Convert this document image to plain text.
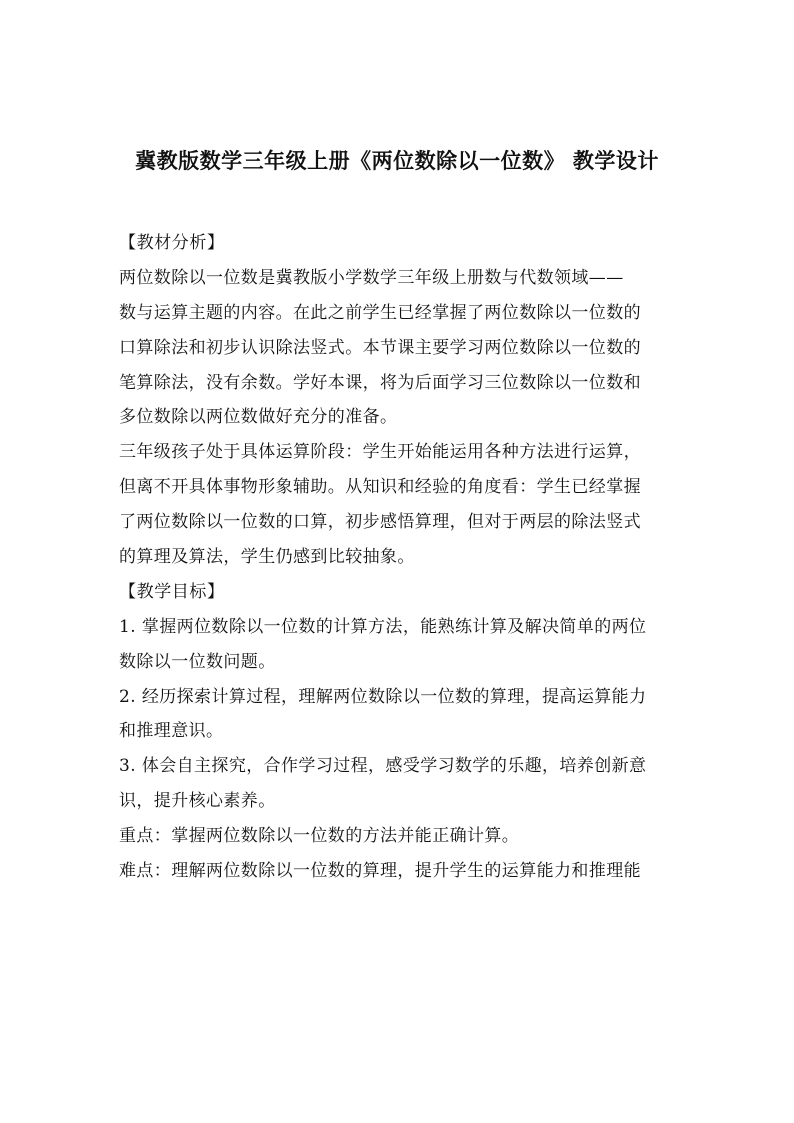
冀教版数学三年级上册《两位数除以一位数》 教学设计
【教材分析】
两位数除以一位数是冀教版小学数学三年级上册数与代数领域——
数与运算主题的内容。在此之前学生已经掌握了两位数除以一位数的
口算除法和初步认识除法竖式。本节课主要学习两位数除以一位数的
笔算除法，没有余数。学好本课，将为后面学习三位数除以一位数和
多位数除以两位数做好充分的准备。
三年级孩子处于具体运算阶段：学生开始能运用各种方法进行运算，
但离不开具体事物形象辅助。从知识和经验的角度看：学生已经掌握
了两位数除以一位数的口算，初步感悟算理，但对于两层的除法竖式
的算理及算法，学生仍感到比较抽象。
【教学目标】
1. 掌握两位数除以一位数的计算方法，能熟练计算及解决简单的两位
数除以一位数问题。
2. 经历探索计算过程，理解两位数除以一位数的算理，提高运算能力
和推理意识。
3. 体会自主探究，合作学习过程，感受学习数学的乐趣，培养创新意
识，提升核心素养。
重点：掌握两位数除以一位数的方法并能正确计算。
难点：理解两位数除以一位数的算理，提升学生的运算能力和推理能
